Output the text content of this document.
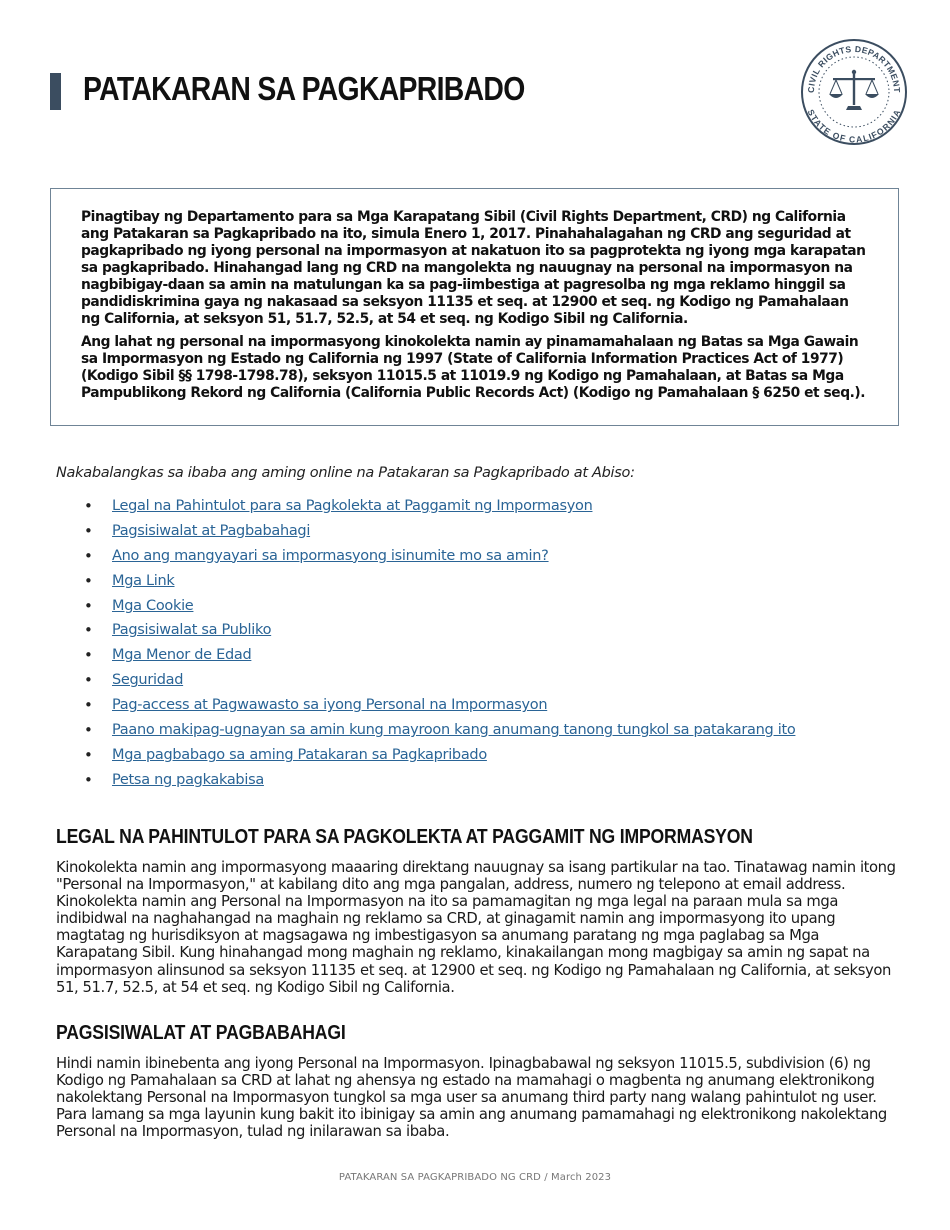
PATAKARAN SA PAGKAPRIBADO	CIVIL RIGHTS DEPARTMENT
STATE OF CALIFORNIA

Pinagtibay ng Departamento para sa Mga Karapatang Sibil (Civil Rights Department, CRD) ng California ang Patakaran sa Pagkapribado na ito, simula Enero 1, 2017. Pinahahalagahan ng CRD ang seguridad at pagkapribado ng iyong personal na impormasyon at nakatuon ito sa pagprotekta ng iyong mga karapatan sa pagkapribado. Hinahangad lang ng CRD na mangolekta ng nauugnay na personal na impormasyon na nagbibigay-daan sa amin na matulungan ka sa pag-iimbestiga at pagresolba ng mga reklamo hinggil sa pandidiskrimina gaya ng nakasaad sa seksyon 11135 et seq. at 12900 et seq. ng Kodigo ng Pamahalaan ng California, at seksyon 51, 51.7, 52.5, at 54 et seq. ng Kodigo Sibil ng California.

Ang lahat ng personal na impormasyong kinokolekta namin ay pinamamahalaan ng Batas sa Mga Gawain sa Impormasyon ng Estado ng California ng 1997 (State of California Information Practices Act of 1977) (Kodigo Sibil §§ 1798-1798.78), seksyon 11015.5 at 11019.9 ng Kodigo ng Pamahalaan, at Batas sa Mga Pampublikong Rekord ng California (California Public Records Act) (Kodigo ng Pamahalaan § 6250 et seq.).

Nakabalangkas sa ibaba ang aming online na Patakaran sa Pagkapribado at Abiso:

• Legal na Pahintulot para sa Pagkolekta at Paggamit ng Impormasyon
• Pagsisiwalat at Pagbabahagi
• Ano ang mangyayari sa impormasyong isinumite mo sa amin?
• Mga Link
• Mga Cookie
• Pagsisiwalat sa Publiko
• Mga Menor de Edad
• Seguridad
• Pag-access at Pagwawasto sa iyong Personal na Impormasyon
• Paano makipag-ugnayan sa amin kung mayroon kang anumang tanong tungkol sa patakarang ito
• Mga pagbabago sa aming Patakaran sa Pagkapribado
• Petsa ng pagkakabisa
LEGAL NA PAHINTULOT PARA SA PAGKOLEKTA AT PAGGAMIT NG IMPORMASYON

Kinokolekta namin ang impormasyong maaaring direktang nauugnay sa isang partikular na tao. Tinatawag namin itong "Personal na Impormasyon," at kabilang dito ang mga pangalan, address, numero ng telepono at email address. Kinokolekta namin ang Personal na Impormasyon na ito sa pamamagitan ng mga legal na paraan mula sa mga indibidwal na naghahangad na maghain ng reklamo sa CRD, at ginagamit namin ang impormasyong ito upang magtatag ng hurisdiksyon at magsagawa ng imbestigasyon sa anumang paratang ng mga paglabag sa Mga Karapatang Sibil. Kung hinahangad mong maghain ng reklamo, kinakailangan mong magbigay sa amin ng sapat na impormasyon alinsunod sa seksyon 11135 et seq. at 12900 et seq. ng Kodigo ng Pamahalaan ng California, at seksyon 51, 51.7, 52.5, at 54 et seq. ng Kodigo Sibil ng California.

PAGSISIWALAT AT PAGBABAHAGI

Hindi namin ibinebenta ang iyong Personal na Impormasyon. Ipinagbabawal ng seksyon 11015.5, subdivision (6) ng Kodigo ng Pamahalaan sa CRD at lahat ng ahensya ng estado na mamahagi o magbenta ng anumang elektronikong nakolektang Personal na Impormasyon tungkol sa mga user sa anumang third party nang walang pahintulot ng user. Para lamang sa mga layunin kung bakit ito ibinigay sa amin ang anumang pamamahagi ng elektronikong nakolektang Personal na Impormasyon, tulad ng inilarawan sa ibaba.

PATAKARAN SA PAGKAPRIBADO NG CRD / March 2023
